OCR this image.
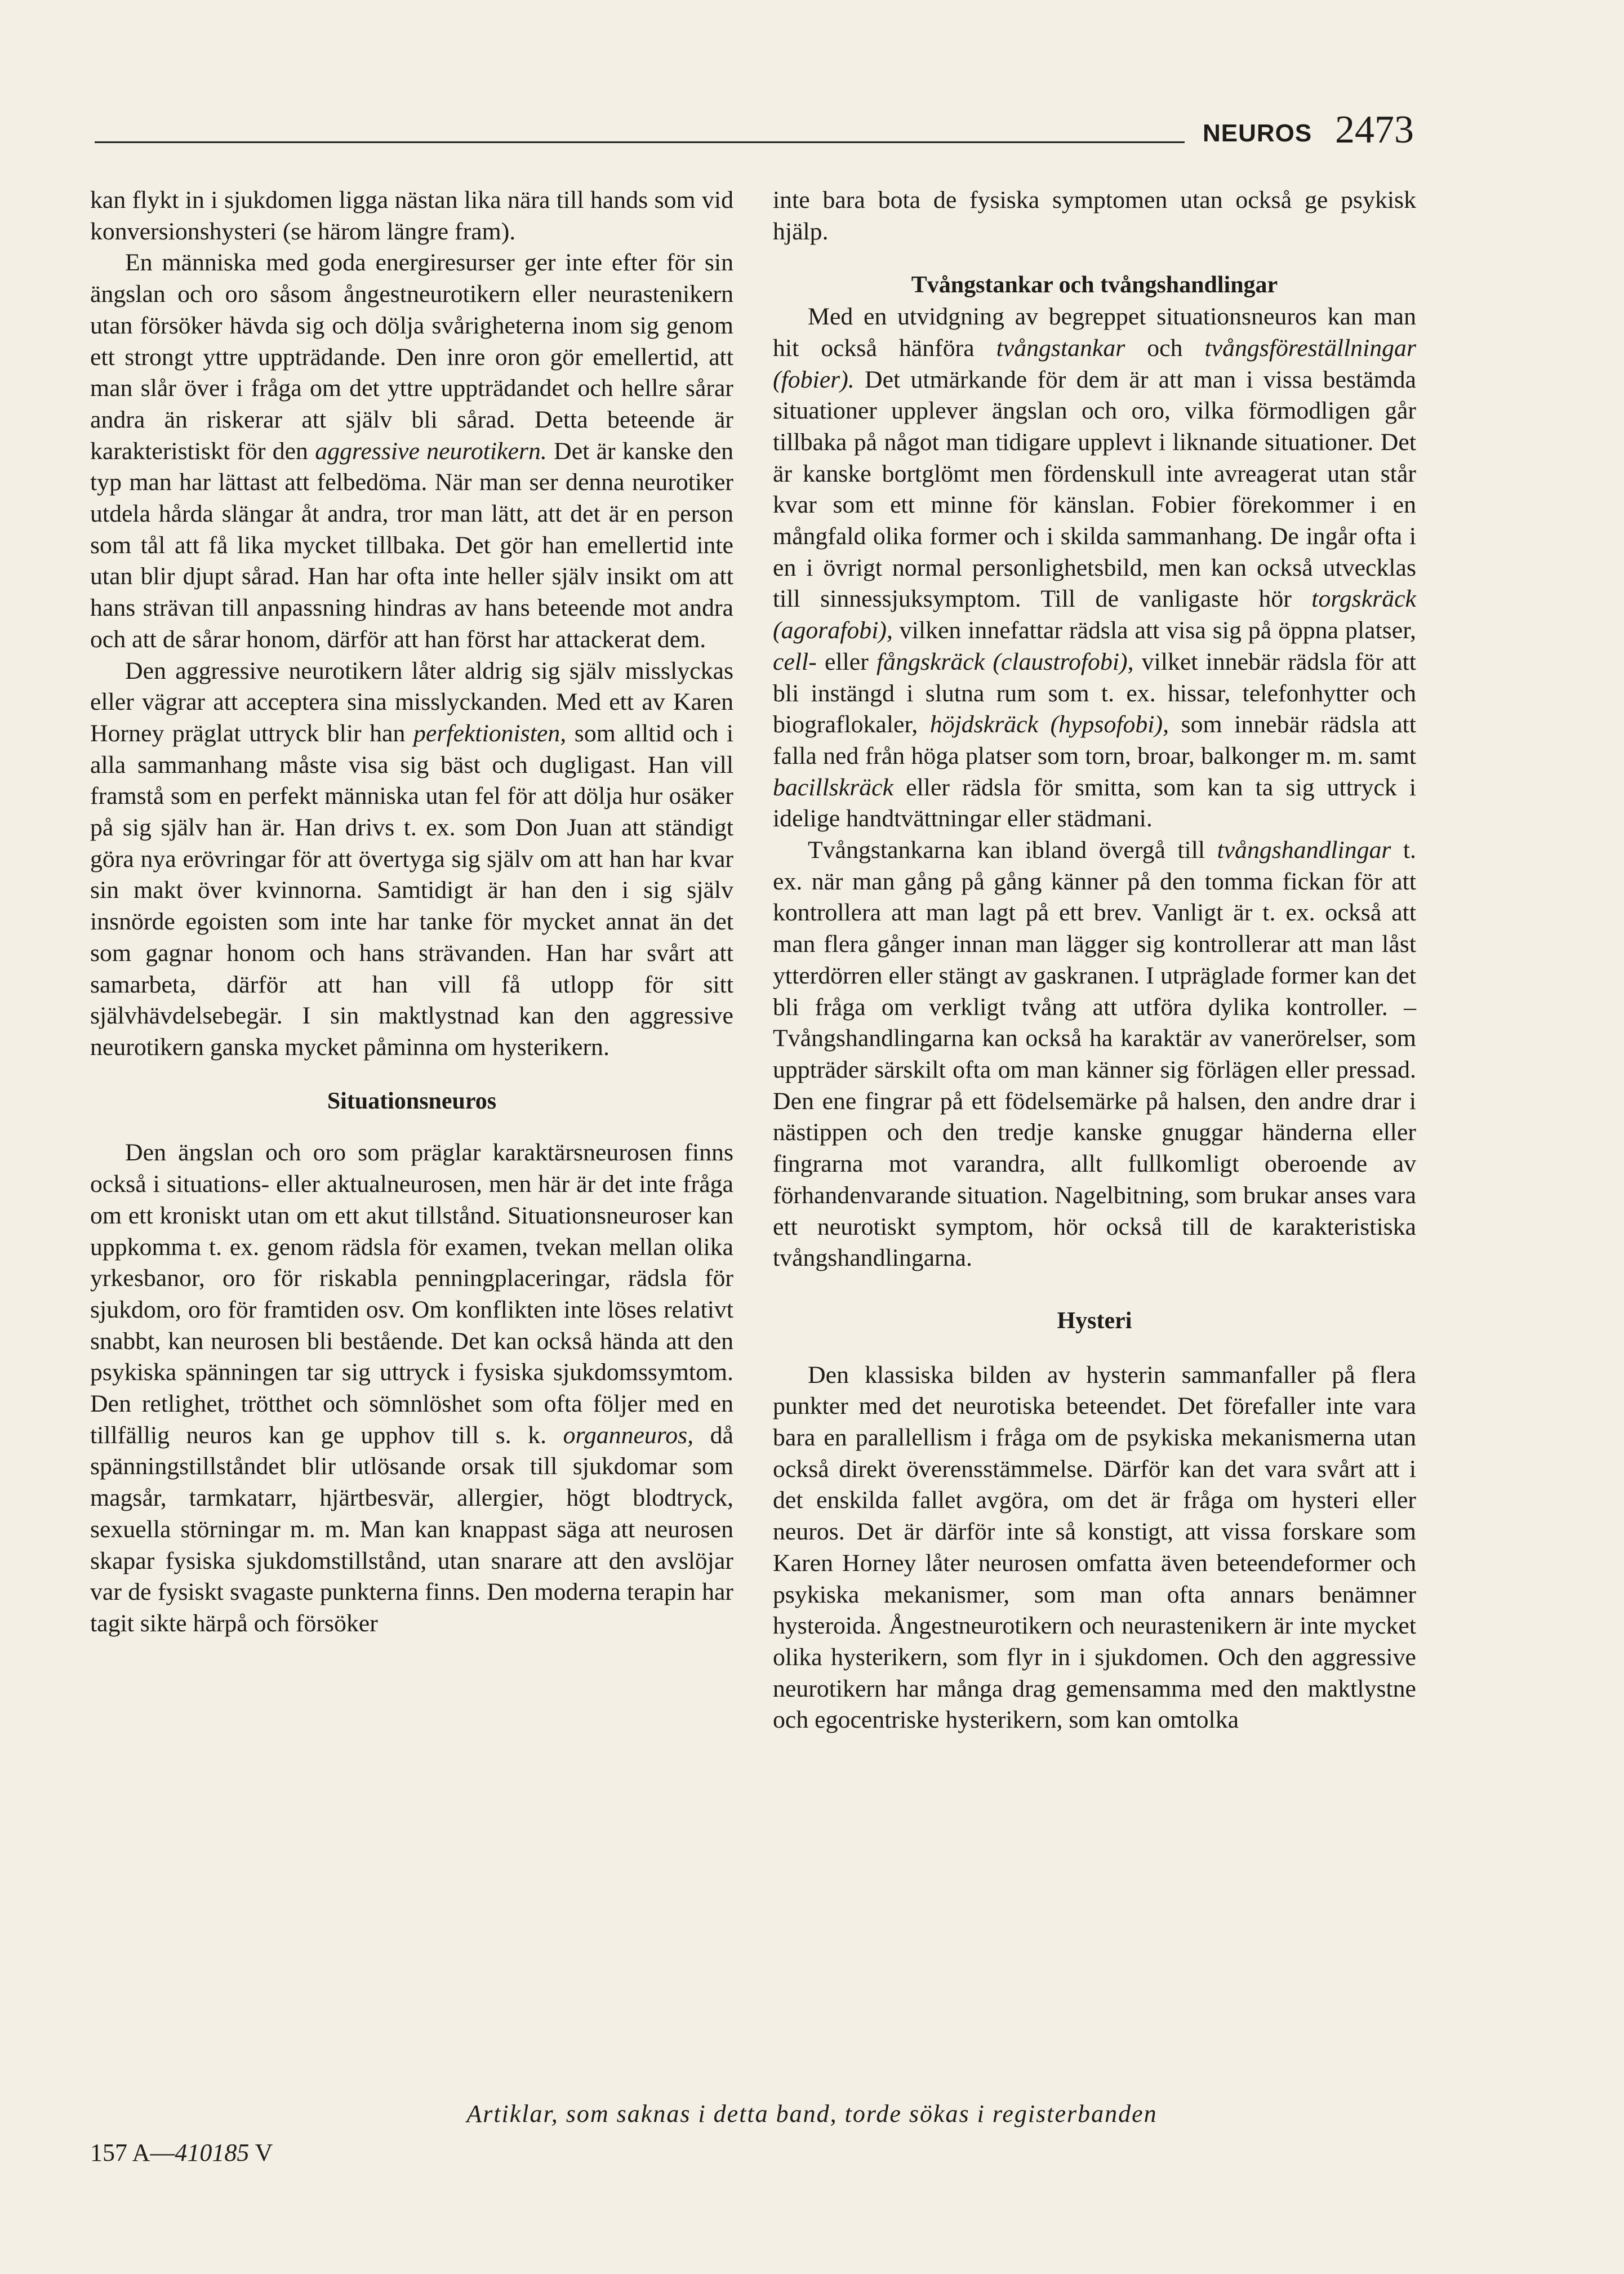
NEUROS 2473

kan flykt in i sjukdomen ligga nästan lika nära till hands som vid konversionshysteri (se härom längre fram).

En människa med goda energiresurser ger inte efter för sin ängslan och oro såsom ångestneurotikern eller neurastenikern utan försöker hävda sig och dölja svårigheterna inom sig genom ett strongt yttre uppträdande. Den inre oron gör emellertid, att man slår över i fråga om det yttre uppträdandet och hellre sårar andra än riskerar att själv bli sårad. Detta beteende är karakteristiskt för den aggressive neurotikern. Det är kanske den typ man har lättast att felbedöma. När man ser denna neurotiker utdela hårda slängar åt andra, tror man lätt, att det är en person som tål att få lika mycket tillbaka. Det gör han emellertid inte utan blir djupt sårad. Han har ofta inte heller själv insikt om att hans strävan till anpassning hindras av hans beteende mot andra och att de sårar honom, därför att han först har attackerat dem.

Den aggressive neurotikern låter aldrig sig själv misslyckas eller vägrar att acceptera sina misslyckanden. Med ett av Karen Horney präglat uttryck blir han perfektionisten, som alltid och i alla sammanhang måste visa sig bäst och dugligast. Han vill framstå som en perfekt människa utan fel för att dölja hur osäker på sig själv han är. Han drivs t. ex. som Don Juan att ständigt göra nya erövringar för att övertyga sig själv om att han har kvar sin makt över kvinnorna. Samtidigt är han den i sig själv insnörde egoisten som inte har tanke för mycket annat än det som gagnar honom och hans strävanden. Han har svårt att samarbeta, därför att han vill få utlopp för sitt självhävdelsebegär. I sin maktlystnad kan den aggressive neurotikern ganska mycket påminna om hysterikern.

Situationsneuros

Den ängslan och oro som präglar karaktärsneurosen finns också i situations- eller aktualneurosen, men här är det inte fråga om ett kroniskt utan om ett akut tillstånd. Situationsneuroser kan uppkomma t. ex. genom rädsla för examen, tvekan mellan olika yrkesbanor, oro för riskabla penningplaceringar, rädsla för sjukdom, oro för framtiden osv. Om konflikten inte löses relativt snabbt, kan neurosen bli bestående. Det kan också hända att den psykiska spänningen tar sig uttryck i fysiska sjukdomssymtom. Den retlighet, trötthet och sömnlöshet som ofta följer med en tillfällig neuros kan ge upphov till s. k. organneuros, då spänningstillståndet blir utlösande orsak till sjukdomar som magsår, tarmkatarr, hjärtbesvär, allergier, högt blodtryck, sexuella störningar m. m. Man kan knappast säga att neurosen skapar fysiska sjukdomstillstånd, utan snarare att den avslöjar var de fysiskt svagaste punkterna finns. Den moderna terapin har tagit sikte härpå och försöker

inte bara bota de fysiska symptomen utan också ge psykisk hjälp.

Tvångstankar och tvångshandlingar

Med en utvidgning av begreppet situationsneuros kan man hit också hänföra tvångstankar och tvångsföreställningar (fobier). Det utmärkande för dem är att man i vissa bestämda situationer upplever ängslan och oro, vilka förmodligen går tillbaka på något man tidigare upplevt i liknande situationer. Det är kanske bortglömt men fördenskull inte avreagerat utan står kvar som ett minne för känslan. Fobier förekommer i en mångfald olika former och i skilda sammanhang. De ingår ofta i en i övrigt normal personlighetsbild, men kan också utvecklas till sinnessjuksymptom. Till de vanligaste hör torgskräck (agorafobi), vilken innefattar rädsla att visa sig på öppna platser, cell- eller fångskräck (claustrofobi), vilket innebär rädsla för att bli instängd i slutna rum som t. ex. hissar, telefonhytter och biograflokaler, höjdskräck (hypsofobi), som innebär rädsla att falla ned från höga platser som torn, broar, balkonger m. m. samt bacillskräck eller rädsla för smitta, som kan ta sig uttryck i idelige handtvättningar eller städmani.

Tvångstankarna kan ibland övergå till tvångshandlingar t. ex. när man gång på gång känner på den tomma fickan för att kontrollera att man lagt på ett brev. Vanligt är t. ex. också att man flera gånger innan man lägger sig kontrollerar att man låst ytterdörren eller stängt av gaskranen. I utpräglade former kan det bli fråga om verkligt tvång att utföra dylika kontroller. – Tvångshandlingarna kan också ha karaktär av vanerörelser, som uppträder särskilt ofta om man känner sig förlägen eller pressad. Den ene fingrar på ett födelsemärke på halsen, den andre drar i nästippen och den tredje kanske gnuggar händerna eller fingrarna mot varandra, allt fullkomligt oberoende av förhandenvarande situation. Nagelbitning, som brukar anses vara ett neurotiskt symptom, hör också till de karakteristiska tvångshandlingarna.

Hysteri

Den klassiska bilden av hysterin sammanfaller på flera punkter med det neurotiska beteendet. Det förefaller inte vara bara en parallellism i fråga om de psykiska mekanismerna utan också direkt överensstämmelse. Därför kan det vara svårt att i det enskilda fallet avgöra, om det är fråga om hysteri eller neuros. Det är därför inte så konstigt, att vissa forskare som Karen Horney låter neurosen omfatta även beteendeformer och psykiska mekanismer, som man ofta annars benämner hysteroida. Ångestneurotikern och neurastenikern är inte mycket olika hysterikern, som flyr in i sjukdomen. Och den aggressive neurotikern har många drag gemensamma med den maktlystne och egocentriske hysterikern, som kan omtolka

Artiklar, som saknas i detta band, torde sökas i registerbanden
157 A—410185 V
